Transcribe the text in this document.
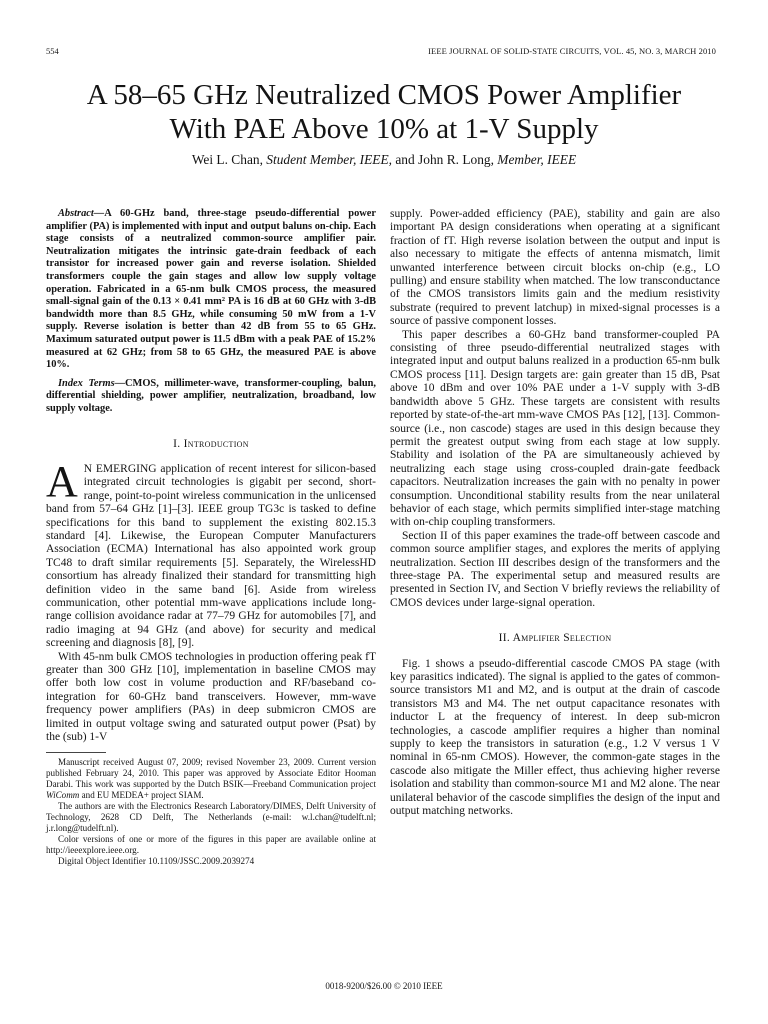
554	IEEE JOURNAL OF SOLID-STATE CIRCUITS, VOL. 45, NO. 3, MARCH 2010
A 58–65 GHz Neutralized CMOS Power Amplifier
With PAE Above 10% at 1-V Supply
Wei L. Chan, Student Member, IEEE, and John R. Long, Member, IEEE

Abstract—A 60-GHz band, three-stage pseudo-differential power amplifier (PA) is implemented with input and output baluns on-chip. Each stage consists of a neutralized common-source amplifier pair. Neutralization mitigates the intrinsic gate-drain feedback of each transistor for increased power gain and reverse isolation. Shielded transformers couple the gain stages and allow low supply voltage operation. Fabricated in a 65-nm bulk CMOS process, the measured small-signal gain of the 0.13 × 0.41 mm² PA is 16 dB at 60 GHz with 3-dB bandwidth more than 8.5 GHz, while consuming 50 mW from a 1-V supply. Reverse isolation is better than 42 dB from 55 to 65 GHz. Maximum saturated output power is 11.5 dBm with a peak PAE of 15.2% measured at 62 GHz; from 58 to 65 GHz, the measured PAE is above 10%.

Index Terms—CMOS, millimeter-wave, transformer-coupling, balun, differential shielding, power amplifier, neutralization, broadband, low supply voltage.

I. Introduction

A N EMERGING application of recent interest for silicon-based integrated circuit technologies is gigabit per second, short-range, point-to-point wireless communication in the unlicensed band from 57–64 GHz [1]–[3]. IEEE group TG3c is tasked to define specifications for this band to supplement the existing 802.15.3 standard [4]. Likewise, the European Computer Manufacturers Association (ECMA) International has also appointed work group TC48 to draft similar requirements [5]. Separately, the WirelessHD consortium has already finalized their standard for transmitting high definition video in the same band [6]. Aside from wireless communication, other potential mm-wave applications include long-range collision avoidance radar at 77–79 GHz for automobiles [7], and radio imaging at 94 GHz (and above) for security and medical screening and diagnosis [8], [9].

With 45-nm bulk CMOS technologies in production offering peak fT greater than 300 GHz [10], implementation in baseline CMOS may offer both low cost in volume production and RF/baseband co-integration for 60-GHz band transceivers. However, mm-wave frequency power amplifiers (PAs) in deep submicron CMOS are limited in output voltage swing and saturated output power (Psat) by the (sub) 1-V

Manuscript received August 07, 2009; revised November 23, 2009. Current version published February 24, 2010. This paper was approved by Associate Editor Hooman Darabi. This work was supported by the Dutch BSIK—Freeband Communication project WiComm and EU MEDEA+ project SIAM.

The authors are with the Electronics Research Laboratory/DIMES, Delft University of Technology, 2628 CD Delft, The Netherlands (e-mail: w.l.chan@tudelft.nl; j.r.long@tudelft.nl).

Color versions of one or more of the figures in this paper are available online at http://ieeexplore.ieee.org.

Digital Object Identifier 10.1109/JSSC.2009.2039274

supply. Power-added efficiency (PAE), stability and gain are also important PA design considerations when operating at a significant fraction of fT. High reverse isolation between the output and input is also necessary to mitigate the effects of antenna mismatch, limit unwanted interference between circuit blocks on-chip (e.g., LO pulling) and ensure stability when matched. The low transconductance of the CMOS transistors limits gain and the medium resistivity substrate (required to prevent latchup) in mixed-signal processes is a source of passive component losses.

This paper describes a 60-GHz band transformer-coupled PA consisting of three pseudo-differential neutralized stages with integrated input and output baluns realized in a production 65-nm bulk CMOS process [11]. Design targets are: gain greater than 15 dB, Psat above 10 dBm and over 10% PAE under a 1-V supply with 3-dB bandwidth above 5 GHz. These targets are consistent with results reported by state-of-the-art mm-wave CMOS PAs [12], [13]. Common-source (i.e., non cascode) stages are used in this design because they permit the greatest output swing from each stage at low supply. Stability and isolation of the PA are simultaneously achieved by neutralizing each stage using cross-coupled drain-gate feedback capacitors. Neutralization increases the gain with no penalty in power consumption. Unconditional stability results from the near unilateral behavior of each stage, which permits simplified inter-stage matching with on-chip coupling transformers.

Section II of this paper examines the trade-off between cascode and common source amplifier stages, and explores the merits of applying neutralization. Section III describes design of the transformers and the three-stage PA. The experimental setup and measured results are presented in Section IV, and Section V briefly reviews the reliability of CMOS devices under large-signal operation.

II. Amplifier Selection

Fig. 1 shows a pseudo-differential cascode CMOS PA stage (with key parasitics indicated). The signal is applied to the gates of common-source transistors M1 and M2, and is output at the drain of cascode transistors M3 and M4. The net output capacitance resonates with inductor L at the frequency of interest. In deep sub-micron technologies, a cascode amplifier requires a higher than nominal supply to keep the transistors in saturation (e.g., 1.2 V versus 1 V nominal in 65-nm CMOS). However, the common-gate stages in the cascode also mitigate the Miller effect, thus achieving higher reverse isolation and stability than common-source M1 and M2 alone. The near unilateral behavior of the cascode simplifies the design of the input and output matching networks.

0018-9200/$26.00 © 2010 IEEE
